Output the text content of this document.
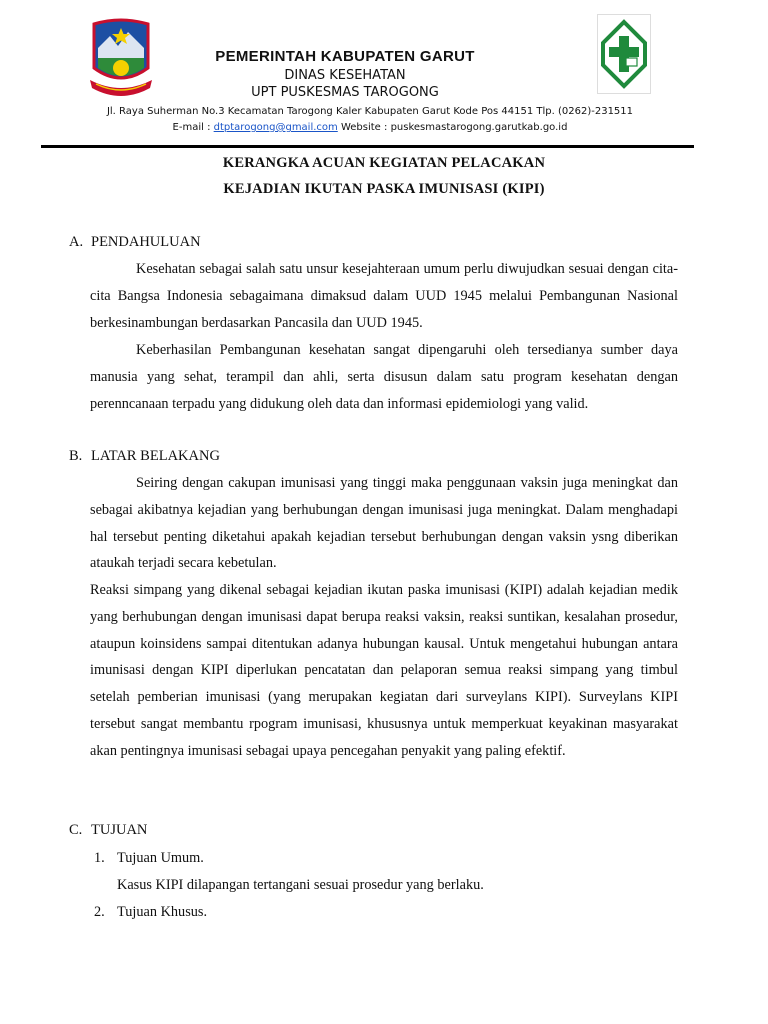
PEMERINTAH KABUPATEN GARUT
DINAS KESEHATAN
UPT PUSKESMAS TAROGONG
Jl. Raya Suherman No.3 Kecamatan Tarogong Kaler Kabupaten Garut Kode Pos 44151 Tlp. (0262)-231511
E-mail : dtptarogong@gmail.com Website : puskesmastarogong.garutkab.go.id
KERANGKA ACUAN KEGIATAN PELACAKAN
KEJADIAN IKUTAN PASKA IMUNISASI (KIPI)
A. PENDAHULUAN
Kesehatan sebagai salah satu unsur kesejahteraan umum perlu diwujudkan sesuai dengan cita-cita Bangsa Indonesia sebagaimana dimaksud dalam UUD 1945 melalui Pembangunan Nasional berkesinambungan berdasarkan Pancasila dan UUD 1945.
Keberhasilan Pembangunan kesehatan sangat dipengaruhi oleh tersedianya sumber daya manusia yang sehat, terampil dan ahli, serta disusun dalam satu program kesehatan dengan perenncanaan terpadu yang didukung oleh data dan informasi epidemiologi yang valid.
B. LATAR BELAKANG
Seiring dengan cakupan imunisasi yang tinggi maka penggunaan vaksin juga meningkat dan sebagai akibatnya kejadian yang berhubungan dengan imunisasi juga meningkat. Dalam menghadapi hal tersebut penting diketahui apakah kejadian tersebut berhubungan dengan vaksin ysng diberikan ataukah terjadi secara kebetulan.
Reaksi simpang yang dikenal sebagai kejadian ikutan paska imunisasi (KIPI) adalah kejadian medik yang berhubungan dengan imunisasi dapat berupa reaksi vaksin, reaksi suntikan, kesalahan prosedur, ataupun koinsidens sampai ditentukan adanya hubungan kausal. Untuk mengetahui hubungan antara imunisasi dengan KIPI diperlukan pencatatan dan pelaporan semua reaksi simpang yang timbul setelah pemberian imunisasi (yang merupakan kegiatan dari surveylans KIPI). Surveylans KIPI tersebut sangat membantu rpogram imunisasi, khususnya untuk memperkuat keyakinan masyarakat akan pentingnya imunisasi sebagai upaya pencegahan penyakit yang paling efektif.
C. TUJUAN
1. Tujuan Umum.
Kasus KIPI dilapangan tertangani sesuai prosedur yang berlaku.
2. Tujuan Khusus.
